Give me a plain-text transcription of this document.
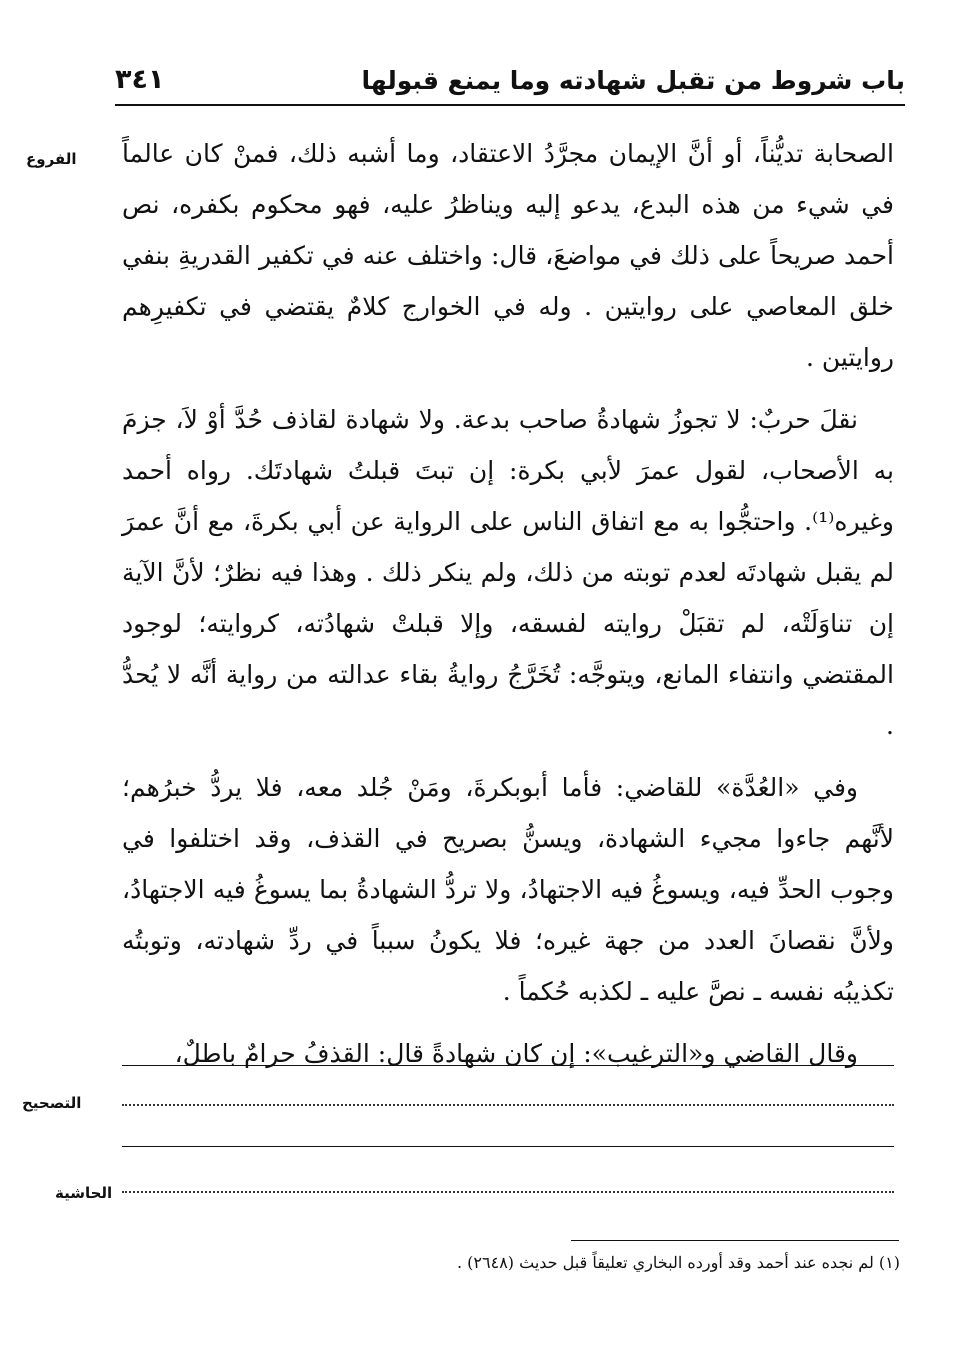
باب شروط من تقبل شهادته وما يمنع قبولها
٣٤١
الفروع الصحابة تديُّناً، أو أنَّ الإيمان مجرَّدُ الاعتقاد، وما أشبه ذلك، فمنْ كان عالماً في شيء من هذه البدع، يدعو إليه ويناظرُ عليه، فهو محكوم بكفره، نص أحمد صريحاً على ذلك في مواضعَ، قال: واختلف عنه في تكفير القدريةِ بنفي خلق المعاصي على روايتين . وله في الخوارج كلامٌ يقتضي في تكفيرِهم روايتين .

نقلَ حربٌ: لا تجوزُ شهادةُ صاحب بدعة. ولا شهادة لقاذف حُدَّ أوْ لاَ، جزمَ به الأصحاب، لقول عمرَ لأبي بكرة: إن تبتَ قبلتُ شهادتَك. رواه أحمد وغيره⁽¹⁾. واحتجُّوا به مع اتفاق الناس على الرواية عن أبي بكرةَ، مع أنَّ عمرَ لم يقبل شهادتَه لعدم توبته من ذلك، ولم ينكر ذلك . وهذا فيه نظرٌ؛ لأنَّ الآية إن تناوَلَتْه، لم تقبَلْ روايته لفسقه، وإلا قبلتْ شهادُته، كروايته؛ لوجود المقتضي وانتفاء المانع، ويتوجَّه: تُخَرَّجُ روايةُ بقاء عدالته من رواية أنَّه لا يُحدُّ .

وفي «العُدَّة» للقاضي: فأما أبوبكرةَ، ومَنْ جُلد معه، فلا يردُّ خبرُهم؛ لأنَّهم جاءوا مجيء الشهادة، ويسنُّ بصريح في القذف، وقد اختلفوا في وجوب الحدِّ فيه، ويسوغُ فيه الاجتهادُ، ولا تردُّ الشهادةُ بما يسوغُ فيه الاجتهادُ، ولأنَّ نقصانَ العدد من جهة غيره؛ فلا يكونُ سبباً في ردِّ شهادته، وتوبتُه تكذيبُه نفسه ـ نصَّ عليه ـ لكذبه حُكماً .

وقال القاضي و«الترغيب»: إن كان شهادةً قال: القذفُ حرامٌ باطلٌ،

التصحيح
الحاشية
(١) لم نجده عند أحمد وقد أورده البخاري تعليقاً قبل حديث (٢٦٤٨) .
